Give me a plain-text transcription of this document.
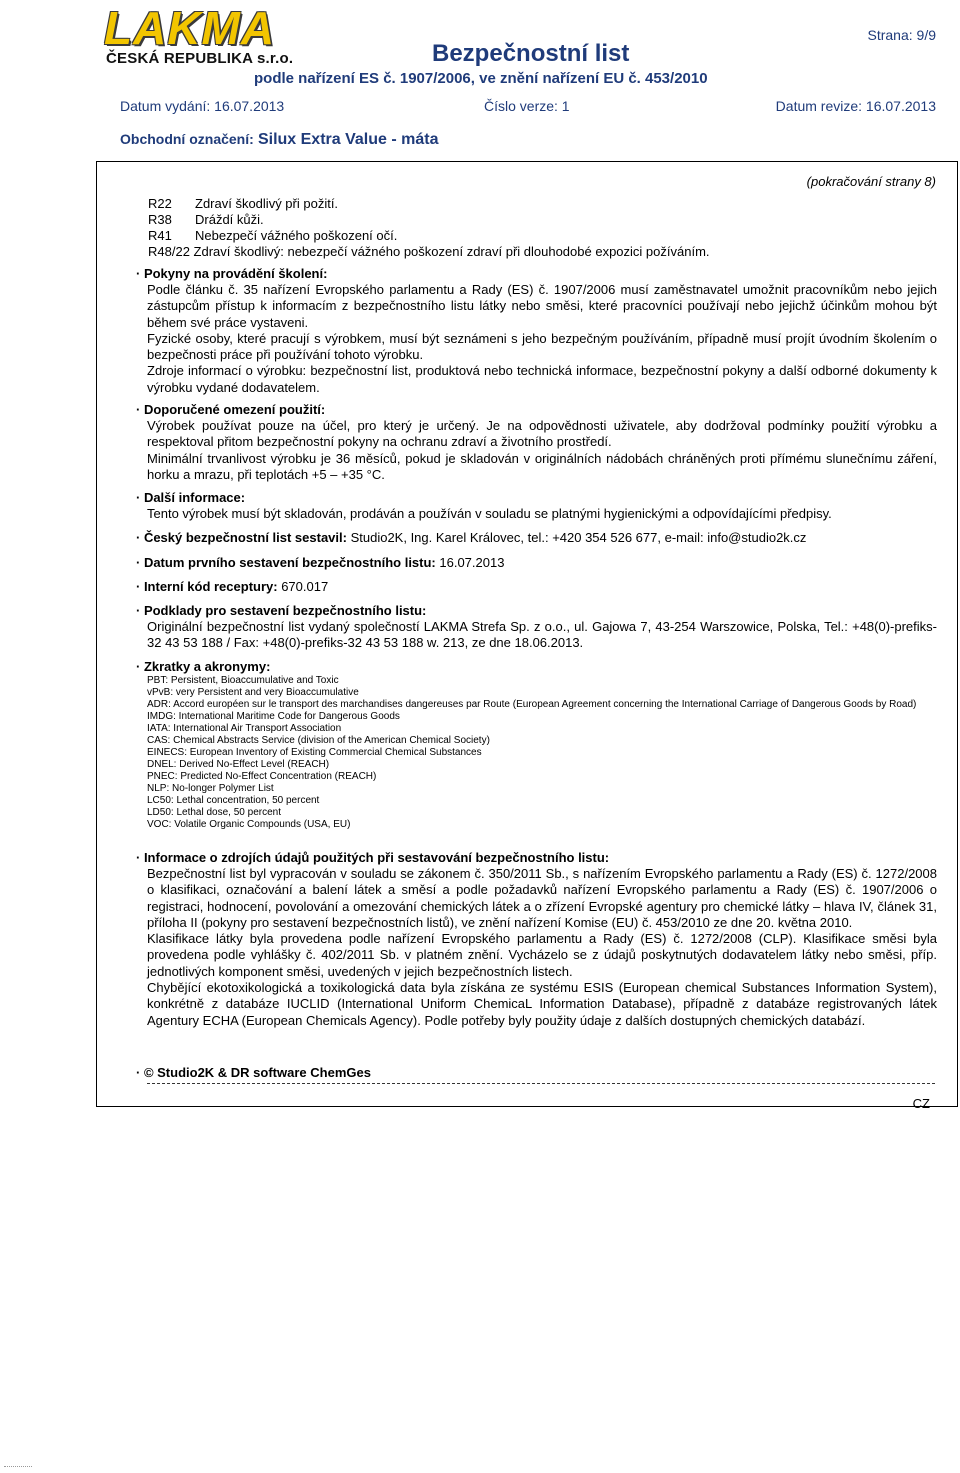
LAKMA
ČESKÁ REPUBLIKA s.r.o.
Strana: 9/9
Bezpečnostní list
podle nařízení ES č. 1907/2006, ve znění nařízení EU č. 453/2010
Datum vydání: 16.07.2013	Číslo verze: 1	Datum revize: 16.07.2013
Obchodní označení: Silux Extra Value - máta
(pokračování strany 8)
R22 Zdraví škodlivý při požití.
R38 Dráždí kůži.
R41 Nebezpečí vážného poškození očí.
R48/22 Zdraví škodlivý: nebezpečí vážného poškození zdraví při dlouhodobé expozici požíváním.
· Pokyny na provádění školení:

Podle článku č. 35 nařízení Evropského parlamentu a Rady (ES) č. 1907/2006 musí zaměstnavatel umožnit pracovníkům nebo jejich zástupcům přístup k informacím z bezpečnostního listu látky nebo směsi, které pracovníci používají nebo jejichž účinkům mohou být během své práce vystaveni.

Fyzické osoby, které pracují s výrobkem, musí být seznámeni s jeho bezpečným používáním, případně musí projít úvodním školením o bezpečnosti práce při používání tohoto výrobku.

Zdroje informací o výrobku: bezpečnostní list, produktová nebo technická informace, bezpečnostní pokyny a další odborné dokumenty k výrobku vydané dodavatelem.

· Doporučené omezení použití:

Výrobek používat pouze na účel, pro který je určený. Je na odpovědnosti uživatele, aby dodržoval podmínky použití výrobku a respektoval přitom bezpečnostní pokyny na ochranu zdraví a životního prostředí.

Minimální trvanlivost výrobku je 36 měsíců, pokud je skladován v originálních nádobách chráněných proti přímému slunečnímu záření, horku a mrazu, při teplotách +5 – +35 °C.

· Další informace:
Tento výrobek musí být skladován, prodáván a používán v souladu se platnými hygienickými a odpovídajícími předpisy.
· Český bezpečnostní list sestavil: Studio2K, Ing. Karel Královec, tel.: +420 354 526 677, e-mail: info@studio2k.cz
· Datum prvního sestavení bezpečnostního listu: 16.07.2013
· Interní kód receptury: 670.017
· Podklady pro sestavení bezpečnostního listu:
Originální bezpečnostní list vydaný společností LAKMA Strefa Sp. z o.o., ul. Gajowa 7, 43-254 Warszowice, Polska, Tel.: +48(0)-prefiks-32 43 53 188 / Fax: +48(0)-prefiks-32 43 53 188 w. 213, ze dne 18.06.2013.
· Zkratky a akronymy:
PBT: Persistent, Bioaccumulative and Toxic
vPvB: very Persistent and very Bioaccumulative
ADR: Accord européen sur le transport des marchandises dangereuses par Route (European Agreement concerning the International Carriage of Dangerous Goods by Road)
IMDG: International Maritime Code for Dangerous Goods
IATA: International Air Transport Association
CAS: Chemical Abstracts Service (division of the American Chemical Society)
EINECS: European Inventory of Existing Commercial Chemical Substances
DNEL: Derived No-Effect Level (REACH)
PNEC: Predicted No-Effect Concentration (REACH)
NLP: No-longer Polymer List
LC50: Lethal concentration, 50 percent
LD50: Lethal dose, 50 percent
VOC: Volatile Organic Compounds (USA, EU)
· Informace o zdrojích údajů použitých při sestavování bezpečnostního listu:

Bezpečnostní list byl vypracován v souladu se zákonem č. 350/2011 Sb., s nařízením Evropského parlamentu a Rady (ES) č. 1272/2008 o klasifikaci, označování a balení látek a směsí a podle požadavků nařízení Evropského parlamentu a Rady (ES) č. 1907/2006 o registraci, hodnocení, povolování a omezování chemických látek a o zřízení Evropské agentury pro chemické látky – hlava IV, článek 31, příloha II (pokyny pro sestavení bezpečnostních listů), ve znění nařízení Komise (EU) č. 453/2010 ze dne 20. května 2010.

Klasifikace látky byla provedena podle nařízení Evropského parlamentu a Rady (ES) č. 1272/2008 (CLP). Klasifikace směsi byla provedena podle vyhlášky č. 402/2011 Sb. v platném znění. Vycházelo se z údajů poskytnutých dodavatelem látky nebo směsi, příp. jednotlivých komponent směsi, uvedených v jejich bezpečnostních listech.

Chybějící ekotoxikologická a toxikologická data byla získána ze systému ESIS (European chemical Substances Information System), konkrétně z databáze IUCLID (International Uniform ChemicaL Information Database), případně z databáze registrovaných látek Agentury ECHA (European Chemicals Agency). Podle potřeby byly použity údaje z dalších dostupných chemických databází.

· © Studio2K & DR software ChemGes
CZ
